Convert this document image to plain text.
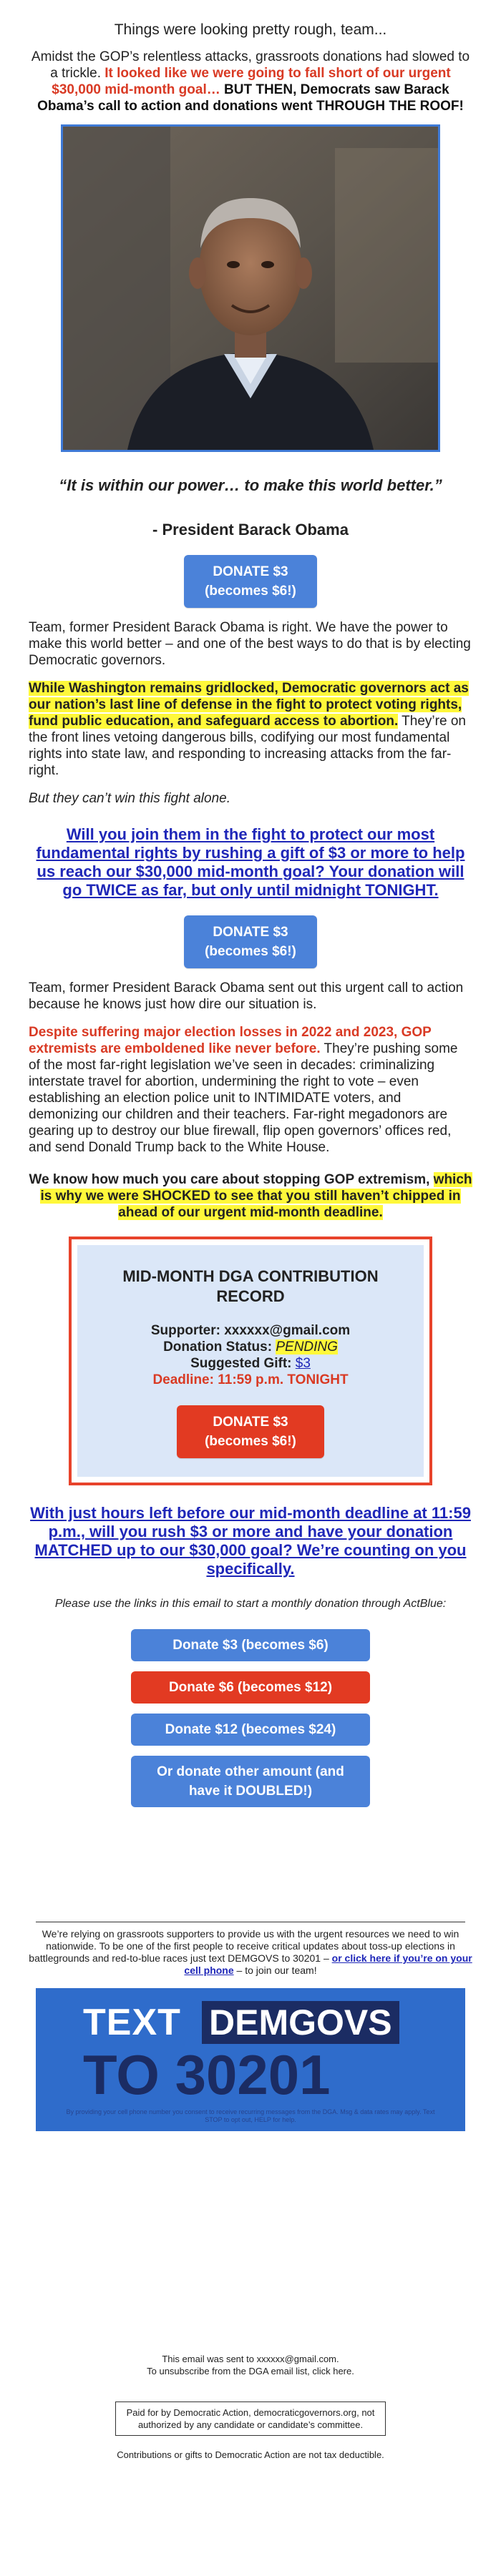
Things were looking pretty rough, team...
Amidst the GOP’s relentless attacks, grassroots donations had slowed to a trickle. It looked like we were going to fall short of our urgent $30,000 mid-month goal… BUT THEN, Democrats saw Barack Obama’s call to action and donations went THROUGH THE ROOF!
“It is within our power… to make this world better.”
- President Barack Obama
DONATE $3
(becomes $6!)
Team, former President Barack Obama is right. We have the power to make this world better – and one of the best ways to do that is by electing Democratic governors.
While Washington remains gridlocked, Democratic governors act as our nation’s last line of defense in the fight to protect voting rights, fund public education, and safeguard access to abortion. They’re on the front lines vetoing dangerous bills, codifying our most fundamental rights into state law, and responding to increasing attacks from the far-right.
But they can’t win this fight alone.
Will you join them in the fight to protect our most fundamental rights by rushing a gift of $3 or more to help us reach our $30,000 mid-month goal? Your donation will go TWICE as far, but only until midnight TONIGHT.
DONATE $3
(becomes $6!)
Team, former President Barack Obama sent out this urgent call to action because he knows just how dire our situation is.
Despite suffering major election losses in 2022 and 2023, GOP extremists are emboldened like never before. They’re pushing some of the most far-right legislation we’ve seen in decades: criminalizing interstate travel for abortion, undermining the right to vote – even establishing an election police unit to INTIMIDATE voters, and demonizing our children and their teachers. Far-right megadonors are gearing up to destroy our blue firewall, flip open governors’ offices red, and send Donald Trump back to the White House.
We know how much you care about stopping GOP extremism, which is why we were SHOCKED to see that you still haven’t chipped in ahead of our urgent mid-month deadline.
MID-MONTH DGA CONTRIBUTION
RECORD
Supporter: xxxxxx@gmail.com
Donation Status: PENDING
Suggested Gift: $3
Deadline: 11:59 p.m. TONIGHT
DONATE $3
(becomes $6!)
With just hours left before our mid-month deadline at 11:59 p.m., will you rush $3 or more and have your donation MATCHED up to our $30,000 goal? We’re counting on you specifically.
Please use the links in this email to start a monthly donation through ActBlue:
Donate $3 (becomes $6)
Donate $6 (becomes $12)
Donate $12 (becomes $24)
Or donate other amount (and
have it DOUBLED!)
We’re relying on grassroots supporters to provide us with the urgent resources we need to win nationwide. To be one of the first people to receive critical updates about toss-up elections in battlegrounds and red-to-blue races just text DEMGOVS to 30201 – or click here if you’re on your cell phone – to join our team!
TEXT DEMGOVS
TO 30201
By providing your cell phone number you consent to receive recurring messages from the DGA. Msg & data rates may apply. Text STOP to opt out, HELP for help.
This email was sent to xxxxxx@gmail.com.
To unsubscribe from the DGA email list, click here.
Paid for by Democratic Action, democraticgovernors.org, not authorized by any candidate or candidate’s committee.
Contributions or gifts to Democratic Action are not tax deductible.
